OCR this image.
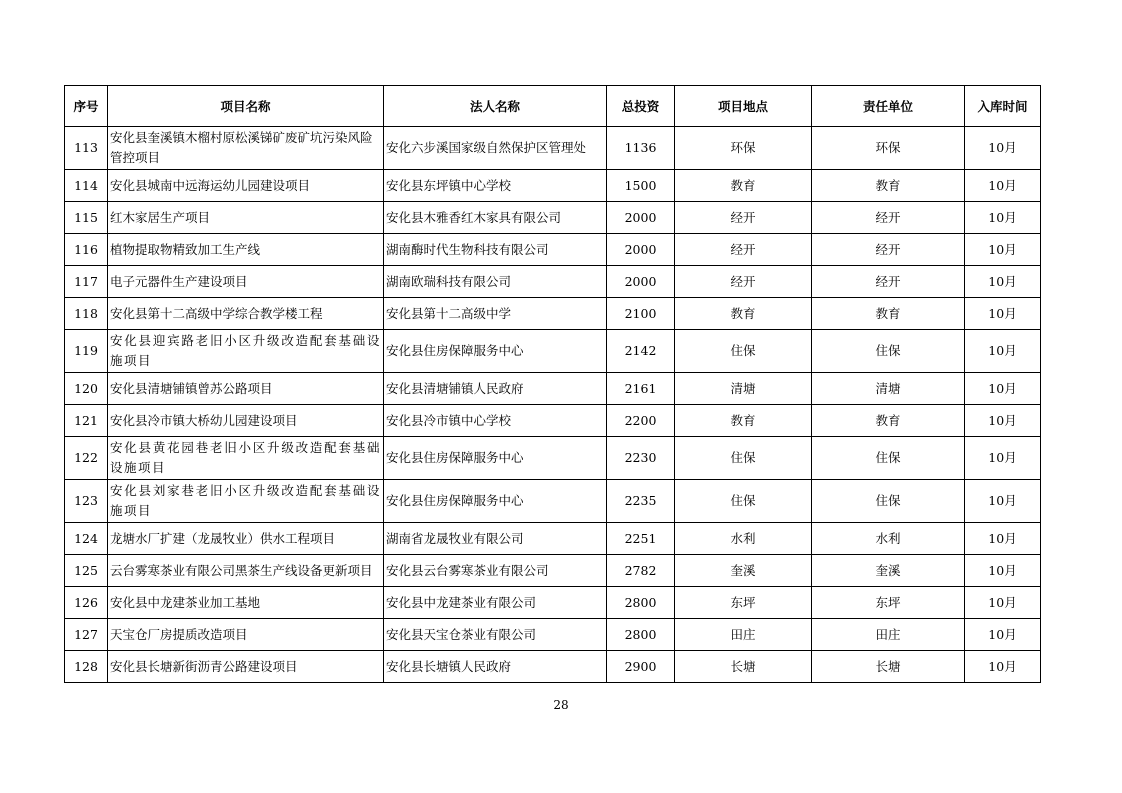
序号	项目名称	法人名称	总投资	项目地点	责任单位	入库时间
113	安化县奎溪镇木榴村原松溪锑矿废矿坑污染风险管控项目	安化六步溪国家级自然保护区管理处	1136	环保	环保	10月
114	安化县城南中远海运幼儿园建设项目	安化县东坪镇中心学校	1500	教育	教育	10月
115	红木家居生产项目	安化县木雅香红木家具有限公司	2000	经开	经开	10月
116	植物提取物精致加工生产线	湖南酶时代生物科技有限公司	2000	经开	经开	10月
117	电子元器件生产建设项目	湖南欧瑞科技有限公司	2000	经开	经开	10月
118	安化县第十二高级中学综合教学楼工程	安化县第十二高级中学	2100	教育	教育	10月
119	安化县迎宾路老旧小区升级改造配套基础设施项目	安化县住房保障服务中心	2142	住保	住保	10月
120	安化县清塘铺镇曾苏公路项目	安化县清塘铺镇人民政府	2161	清塘	清塘	10月
121	安化县冷市镇大桥幼儿园建设项目	安化县冷市镇中心学校	2200	教育	教育	10月
122	安化县黄花园巷老旧小区升级改造配套基础设施项目	安化县住房保障服务中心	2230	住保	住保	10月
123	安化县刘家巷老旧小区升级改造配套基础设施项目	安化县住房保障服务中心	2235	住保	住保	10月
124	龙塘水厂扩建（龙晟牧业）供水工程项目	湖南省龙晟牧业有限公司	2251	水利	水利	10月
125	云台雾寒茶业有限公司黑茶生产线设备更新项目	安化县云台雾寒茶业有限公司	2782	奎溪	奎溪	10月
126	安化县中龙建茶业加工基地	安化县中龙建茶业有限公司	2800	东坪	东坪	10月
127	天宝仓厂房提质改造项目	安化县天宝仓茶业有限公司	2800	田庄	田庄	10月
128	安化县长塘新街沥青公路建设项目	安化县长塘镇人民政府	2900	长塘	长塘	10月
28
